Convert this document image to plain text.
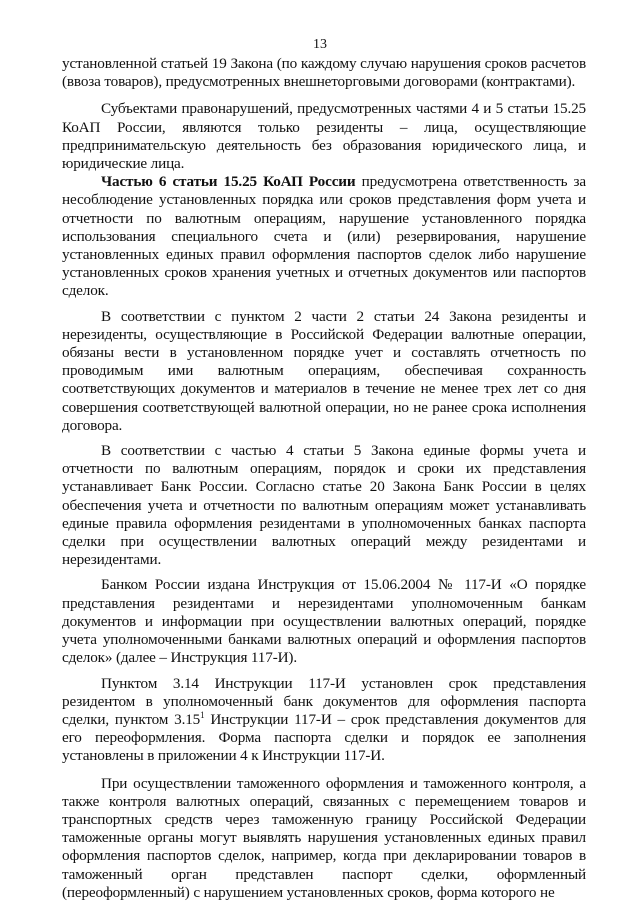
13

установленной статьей 19 Закона (по каждому случаю нарушения сроков расчетов (ввоза товаров), предусмотренных внешнеторговыми договорами (контрактами).

Субъектами правонарушений, предусмотренных частями 4 и 5 статьи 15.25 КоАП России, являются только резиденты – лица, осуществляющие предпринимательскую деятельность без образования юридического лица, и юридические лица.

Частью 6 статьи 15.25 КоАП России предусмотрена ответственность за несоблюдение установленных порядка или сроков представления форм учета и отчетности по валютным операциям, нарушение установленного порядка использования специального счета и (или) резервирования, нарушение установленных единых правил оформления паспортов сделок либо нарушение установленных сроков хранения учетных и отчетных документов или паспортов сделок.

В соответствии с пунктом 2 части 2 статьи 24 Закона резиденты и нерезиденты, осуществляющие в Российской Федерации валютные операции, обязаны вести в установленном порядке учет и составлять отчетность по проводимым ими валютным операциям, обеспечивая сохранность соответствующих документов и материалов в течение не менее трех лет со дня совершения соответствующей валютной операции, но не ранее срока исполнения договора.

В соответствии с частью 4 статьи 5 Закона единые формы учета и отчетности по валютным операциям, порядок и сроки их представления устанавливает Банк России. Согласно статье 20 Закона Банк России в целях обеспечения учета и отчетности по валютным операциям может устанавливать единые правила оформления резидентами в уполномоченных банках паспорта сделки при осуществлении валютных операций между резидентами и нерезидентами.

Банком России издана Инструкция от 15.06.2004 № 117-И «О порядке представления резидентами и нерезидентами уполномоченным банкам документов и информации при осуществлении валютных операций, порядке учета уполномоченными банками валютных операций и оформления паспортов сделок» (далее – Инструкция 117-И).

Пунктом 3.14 Инструкции 117-И установлен срок представления резидентом в уполномоченный банк документов для оформления паспорта сделки, пунктом 3.15$^1$ Инструкции 117-И – срок представления документов для его переоформления. Форма паспорта сделки и порядок ее заполнения установлены в приложении 4 к Инструкции 117-И.

При осуществлении таможенного оформления и таможенного контроля, а также контроля валютных операций, связанных с перемещением товаров и транспортных средств через таможенную границу Российской Федерации таможенные органы могут выявлять нарушения установленных единых правил оформления паспортов сделок, например, когда при декларировании товаров в таможенный орган представлен паспорт сделки, оформленный (переоформленный) с нарушением установленных сроков, форма которого не
